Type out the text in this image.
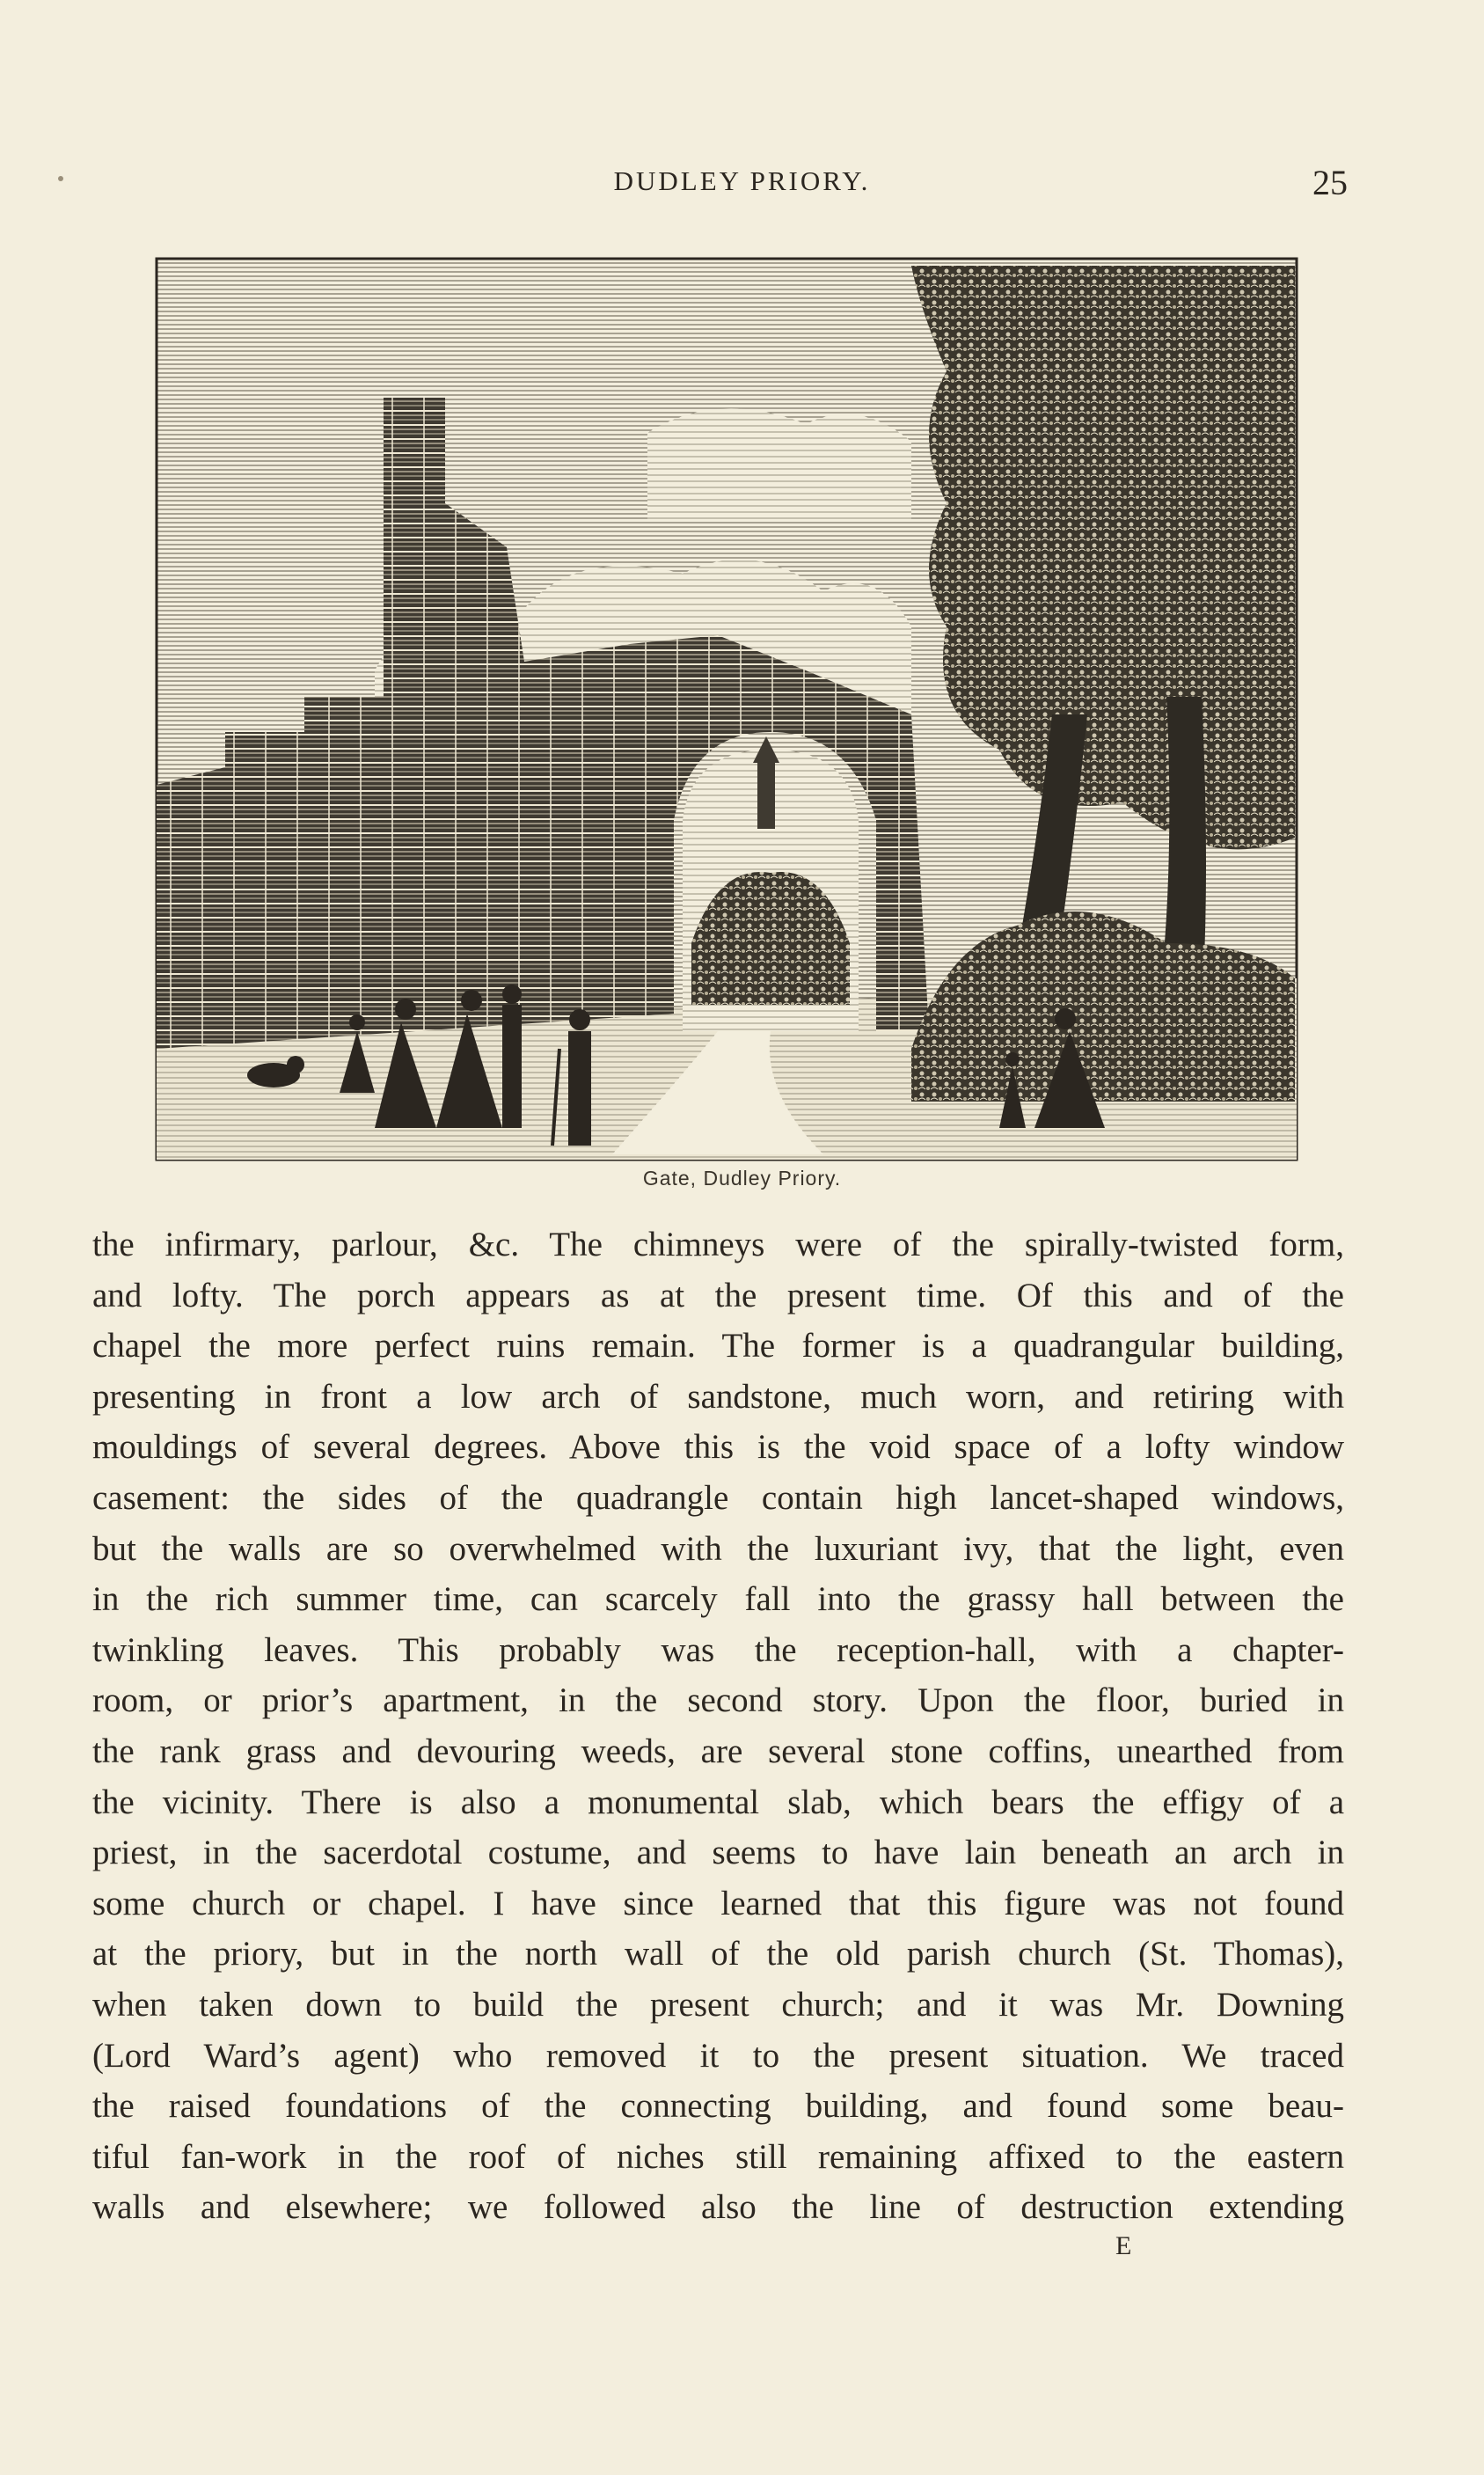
DUDLEY PRIORY.	25
Gate, Dudley Priory.
the infirmary, parlour, &c. The chimneys were of the spirally-twisted form,
and lofty. The porch appears as at the present time. Of this and of the
chapel the more perfect ruins remain. The former is a quadrangular building,
presenting in front a low arch of sandstone, much worn, and retiring with
mouldings of several degrees. Above this is the void space of a lofty window
casement: the sides of the quadrangle contain high lancet-shaped windows,
but the walls are so overwhelmed with the luxuriant ivy, that the light, even
in the rich summer time, can scarcely fall into the grassy hall between the
twinkling leaves. This probably was the reception-hall, with a chapter-
room, or prior’s apartment, in the second story. Upon the floor, buried in
the rank grass and devouring weeds, are several stone coffins, unearthed from
the vicinity. There is also a monumental slab, which bears the effigy of a
priest, in the sacerdotal costume, and seems to have lain beneath an arch in
some church or chapel. I have since learned that this figure was not found
at the priory, but in the north wall of the old parish church (St. Thomas),
when taken down to build the present church; and it was Mr. Downing
(Lord Ward’s agent) who removed it to the present situation. We traced
the raised foundations of the connecting building, and found some beau-
tiful fan-work in the roof of niches still remaining affixed to the eastern
walls and elsewhere; we followed also the line of destruction extending
E
